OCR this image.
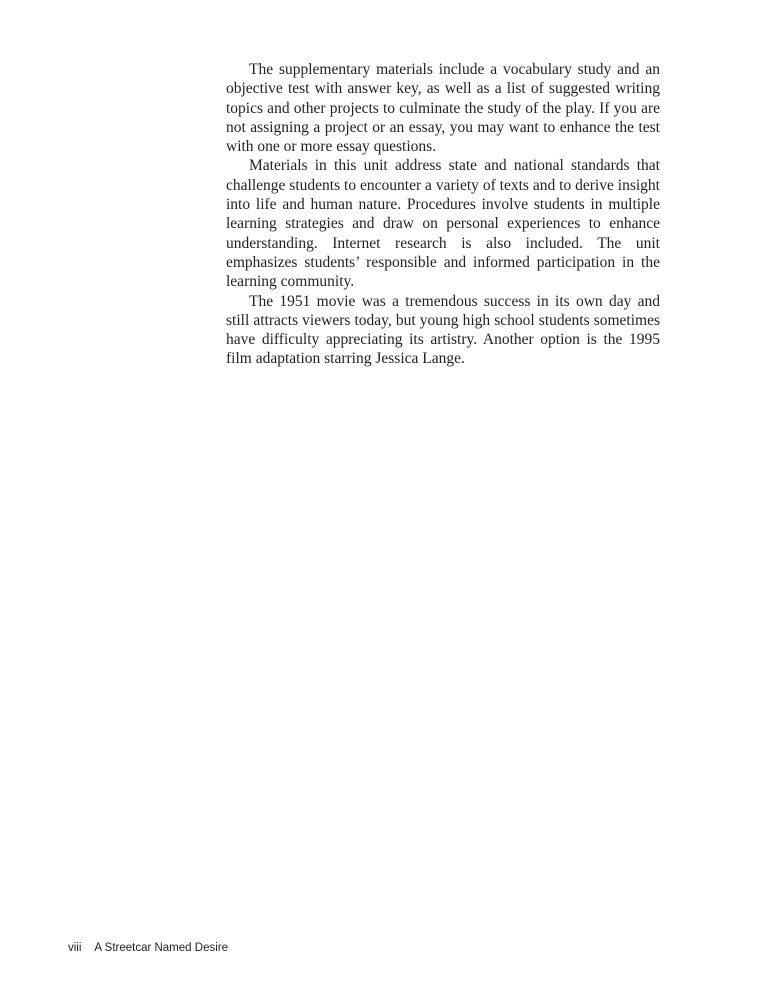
The supplementary materials include a vocabulary study and an objective test with answer key, as well as a list of suggested writing topics and other projects to culminate the study of the play. If you are not assigning a project or an essay, you may want to enhance the test with one or more essay questions.

Materials in this unit address state and national standards that challenge students to encounter a variety of texts and to derive insight into life and human nature. Procedures involve students in multiple learning strategies and draw on personal experiences to enhance understanding. Internet research is also included. The unit emphasizes students’ responsible and informed participation in the learning community.

The 1951 movie was a tremendous success in its own day and still attracts viewers today, but young high school students sometimes have difficulty appreciating its artistry. Another option is the 1995 film adaptation starring Jessica Lange.

viii A Streetcar Named Desire
